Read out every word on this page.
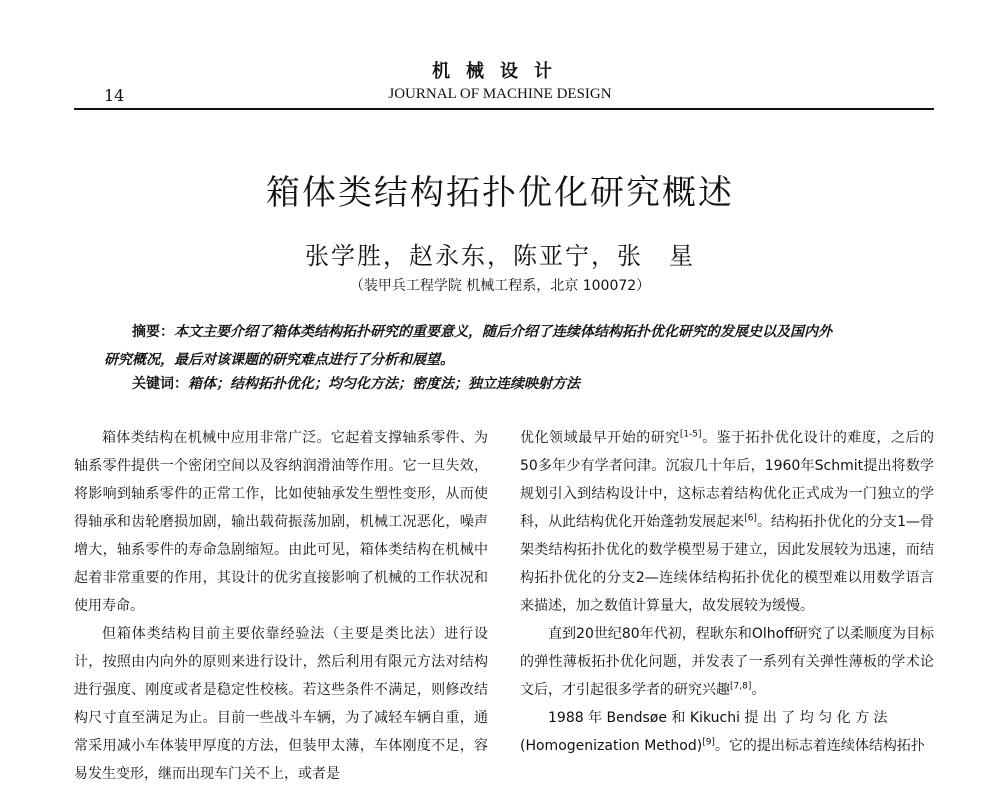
机械设计
14	JOURNAL OF MACHINE DESIGN
箱体类结构拓扑优化研究概述
张学胜，赵永东，陈亚宁，张　星
（装甲兵工程学院 机械工程系，北京 100072）
摘要：本文主要介绍了箱体类结构拓扑研究的重要意义，随后介绍了连续体结构拓扑优化研究的发展史以及国内外
研究概况，最后对该课题的研究难点进行了分析和展望。
关键词：箱体；结构拓扑优化；均匀化方法；密度法；独立连续映射方法

箱体类结构在机械中应用非常广泛。它起着支撑轴系零件、为轴系零件提供一个密闭空间以及容纳润滑油等作用。它一旦失效，将影响到轴系零件的正常工作，比如使轴承发生塑性变形，从而使得轴承和齿轮磨损加剧，输出载荷振荡加剧，机械工况恶化，噪声增大，轴系零件的寿命急剧缩短。由此可见，箱体类结构在机械中起着非常重要的作用，其设计的优劣直接影响了机械的工作状况和使用寿命。

但箱体类结构目前主要依靠经验法（主要是类比法）进行设计，按照由内向外的原则来进行设计，然后利用有限元方法对结构进行强度、刚度或者是稳定性校核。若这些条件不满足，则修改结构尺寸直至满足为止。目前一些战斗车辆，为了减轻车辆自重，通常采用减小车体装甲厚度的方法，但装甲太薄，车体刚度不足，容易发生变形，继而出现车门关不上，或者是

优化领域最早开始的研究[1-5]。鉴于拓扑优化设计的难度，之后的50多年少有学者问津。沉寂几十年后，1960年Schmit提出将数学规划引入到结构设计中，这标志着结构优化正式成为一门独立的学科，从此结构优化开始蓬勃发展起来[6]。结构拓扑优化的分支1—骨架类结构拓扑优化的数学模型易于建立，因此发展较为迅速，而结构拓扑优化的分支2—连续体结构拓扑优化的模型难以用数学语言来描述，加之数值计算量大，故发展较为缓慢。

直到20世纪80年代初，程耿东和Olhoff研究了以柔顺度为目标的弹性薄板拓扑优化问题，并发表了一系列有关弹性薄板的学术论文后，才引起很多学者的研究兴趣[7,8]。

1988 年 Bendsøe 和 Kikuchi 提 出 了 均 匀 化 方 法

(Homogenization Method)[9]。它的提出标志着连续体结构拓扑
